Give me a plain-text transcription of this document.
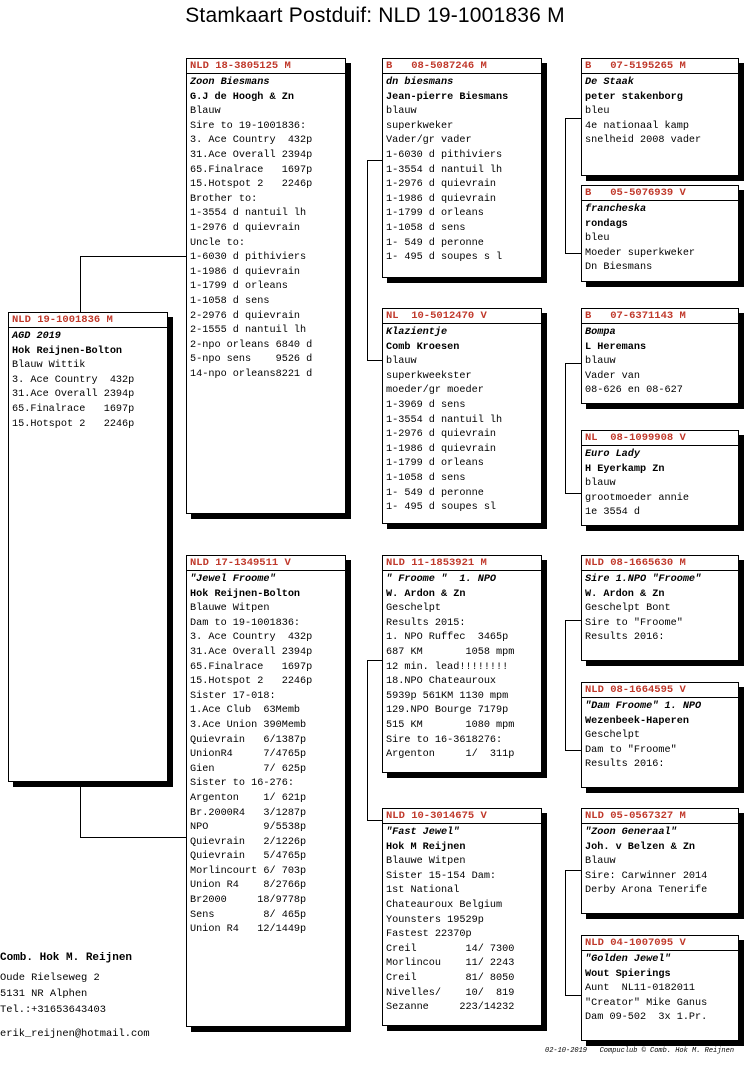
Stamkaart Postduif: NLD 19-1001836 M
NLD 19-1001836 M
AGD 2019
Hok Reijnen-Bolton
Blauw Wittik
3. Ace Country  432p
31.Ace Overall 2394p
65.Finalrace   1697p
15.Hotspot 2   2246p
NLD 18-3805125 M
Zoon Biesmans
G.J de Hoogh & Zn
Blauw
Sire to 19-1001836:
3. Ace Country  432p
31.Ace Overall 2394p
65.Finalrace   1697p
15.Hotspot 2   2246p
Brother to:
1-3554 d nantuil lh
1-2976 d quievrain
Uncle to:
1-6030 d pithiviers
1-1986 d quievrain
1-1799 d orleans
1-1058 d sens
2-2976 d quievrain
2-1555 d nantuil lh
2-npo orleans 6840 d
5-npo sens    9526 d
14-npo orleans8221 d
NLD 17-1349511 V
"Jewel Froome"
Hok Reijnen-Bolton
Blauwe Witpen
Dam to 19-1001836:
3. Ace Country  432p
31.Ace Overall 2394p
65.Finalrace   1697p
15.Hotspot 2   2246p
Sister 17-018:
1.Ace Club  63Memb
3.Ace Union 390Memb
Quievrain   6/1387p
UnionR4     7/4765p
Gien        7/ 625p
Sister to 16-276:
Argenton    1/ 621p
Br.2000R4   3/1287p
NPO         9/5538p
Quievrain   2/1226p
Quievrain   5/4765p
Morlincourt 6/ 703p
Union R4    8/2766p
Br2000     18/9778p
Sens        8/ 465p
Union R4   12/1449p
B   08-5087246 M
dn biesmans
Jean-pierre Biesmans
blauw
superkweker
Vader/gr vader
1-6030 d pithiviers
1-3554 d nantuil lh
1-2976 d quievrain
1-1986 d quievrain
1-1799 d orleans
1-1058 d sens
1- 549 d peronne
1- 495 d soupes s l
NL  10-5012470 V
Klazientje
Comb Kroesen
blauw
superkweekster
moeder/gr moeder
1-3969 d sens
1-3554 d nantuil lh
1-2976 d quievrain
1-1986 d quievrain
1-1799 d orleans
1-1058 d sens
1- 549 d peronne
1- 495 d soupes sl
NLD 11-1853921 M
" Froome "  1. NPO
W. Ardon & Zn
Geschelpt
Results 2015:
1. NPO Ruffec  3465p
687 KM       1058 mpm
12 min. lead!!!!!!!!
18.NPO Chateauroux
5939p 561KM 1130 mpm
129.NPO Bourge 7179p
515 KM       1080 mpm
Sire to 16-3618276:
Argenton     1/  311p
NLD 10-3014675 V
"Fast Jewel"
Hok M Reijnen
Blauwe Witpen
Sister 15-154 Dam:
1st National
Chateauroux Belgium
Younsters 19529p
Fastest 22370p
Creil        14/ 7300
Morlincou    11/ 2243
Creil        81/ 8050
Nivelles/    10/  819
Sezanne     223/14232
B   07-5195265 M
De Staak
peter stakenborg
bleu
4e nationaal kamp
snelheid 2008 vader
B   05-5076939 V
francheska
rondags
bleu
Moeder superkweker
Dn Biesmans
B   07-6371143 M
Bompa
L Heremans
blauw
Vader van
08-626 en 08-627
NL  08-1099908 V
Euro Lady
H Eyerkamp Zn
blauw
grootmoeder annie
1e 3554 d
NLD 08-1665630 M
Sire 1.NPO "Froome"
W. Ardon & Zn
Geschelpt Bont
Sire to "Froome"
Results 2016:
NLD 08-1664595 V
"Dam Froome" 1. NPO
Wezenbeek-Haperen
Geschelpt
Dam to "Froome"
Results 2016:
NLD 05-0567327 M
"Zoon Generaal"
Joh. v Belzen & Zn
Blauw
Sire: Carwinner 2014
Derby Arona Tenerife
NLD 04-1007095 V
"Golden Jewel"
Wout Spierings
Aunt  NL11-0182011
"Creator" Mike Ganus
Dam 09-502  3x 1.Pr.
Comb. Hok M. Reijnen
Oude Rielseweg 2
5131 NR Alphen
Tel.:+31653643403
erik_reijnen@hotmail.com
02-10-2019   Compuclub © Comb. Hok M. Reijnen
